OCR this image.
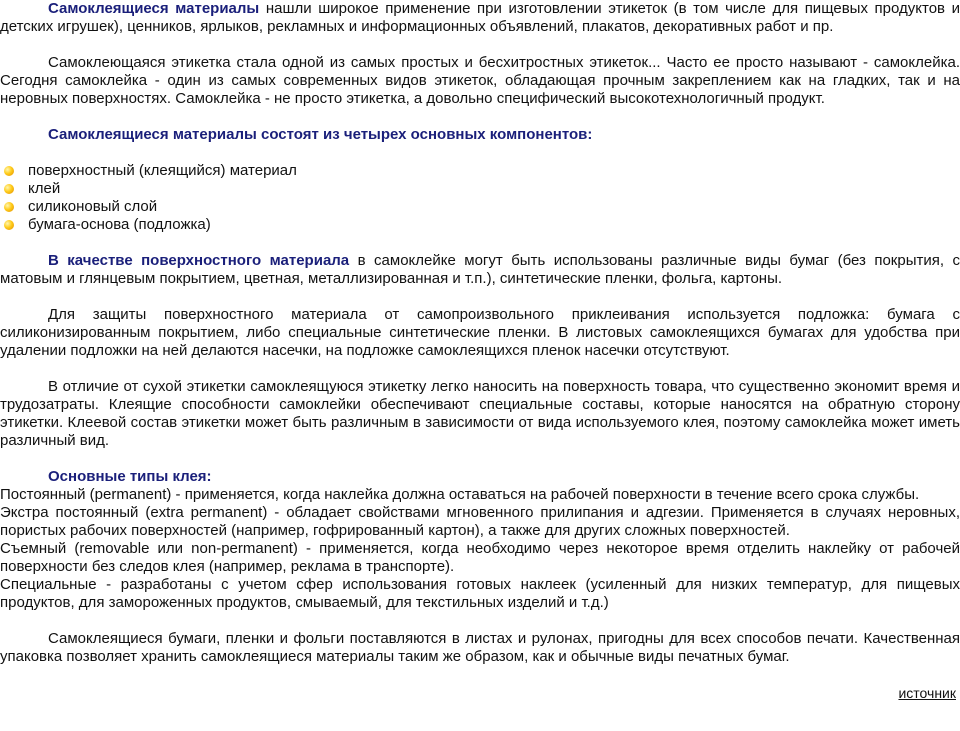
Самоклеящиеся материалы нашли широкое применение при изготовлении этикеток (в том числе для пищевых продуктов и детских игрушек), ценников, ярлыков, рекламных и информационных объявлений, плакатов, декоративных работ и пр.

Самоклеющаяся этикетка стала одной из самых простых и бесхитростных этикеток... Часто ее просто называют - самоклейка. Сегодня самоклейка - один из самых современных видов этикеток, обладающая прочным закреплением как на гладких, так и на неровных поверхностях. Самоклейка - не просто этикетка, а довольно специфический высокотехнологичный продукт.

Самоклеящиеся материалы состоят из четырех основных компонентов:

поверхностный (клеящийся) материал
клей
силиконовый слой
бумага-основа (подложка)

В качестве поверхностного материала в самоклейке могут быть использованы различные виды бумаг (без покрытия, с матовым и глянцевым покрытием, цветная, металлизированная и т.п.), синтетические пленки, фольга, картоны.

Для защиты поверхностного материала от самопроизвольного приклеивания используется подложка: бумага с силиконизированным покрытием, либо специальные синтетические пленки. В листовых самоклеящихся бумагах для удобства при удалении подложки на ней делаются насечки, на подложке самоклеящихся пленок насечки отсутствуют.

В отличие от сухой этикетки самоклеящуюся этикетку легко наносить на поверхность товара, что существенно экономит время и трудозатраты. Клеящие способности самоклейки обеспечивают специальные составы, которые наносятся на обратную сторону этикетки. Клеевой состав этикетки может быть различным в зависимости от вида используемого клея, поэтому самоклейка может иметь различный вид.

Основные типы клея:

Постоянный (permanent) - применяется, когда наклейка должна оставаться на рабочей поверхности в течение всего срока службы.

Экстра постоянный (extra permanent) - обладает свойствами мгновенного прилипания и адгезии. Применяется в случаях неровных, пористых рабочих поверхностей (например, гофрированный картон), а также для других сложных поверхностей.

Съемный (removable или non-permanent) - применяется, когда необходимо через некоторое время отделить наклейку от рабочей поверхности без следов клея (например, реклама в транспорте).

Специальные - разработаны с учетом сфер использования готовых наклеек (усиленный для низких температур, для пищевых продуктов, для замороженных продуктов, смываемый, для текстильных изделий и т.д.)

Самоклеящиеся бумаги, пленки и фольги поставляются в листах и рулонах, пригодны для всех способов печати. Качественная упаковка позволяет хранить самоклеящиеся материалы таким же образом, как и обычные виды печатных бумаг.

источник
